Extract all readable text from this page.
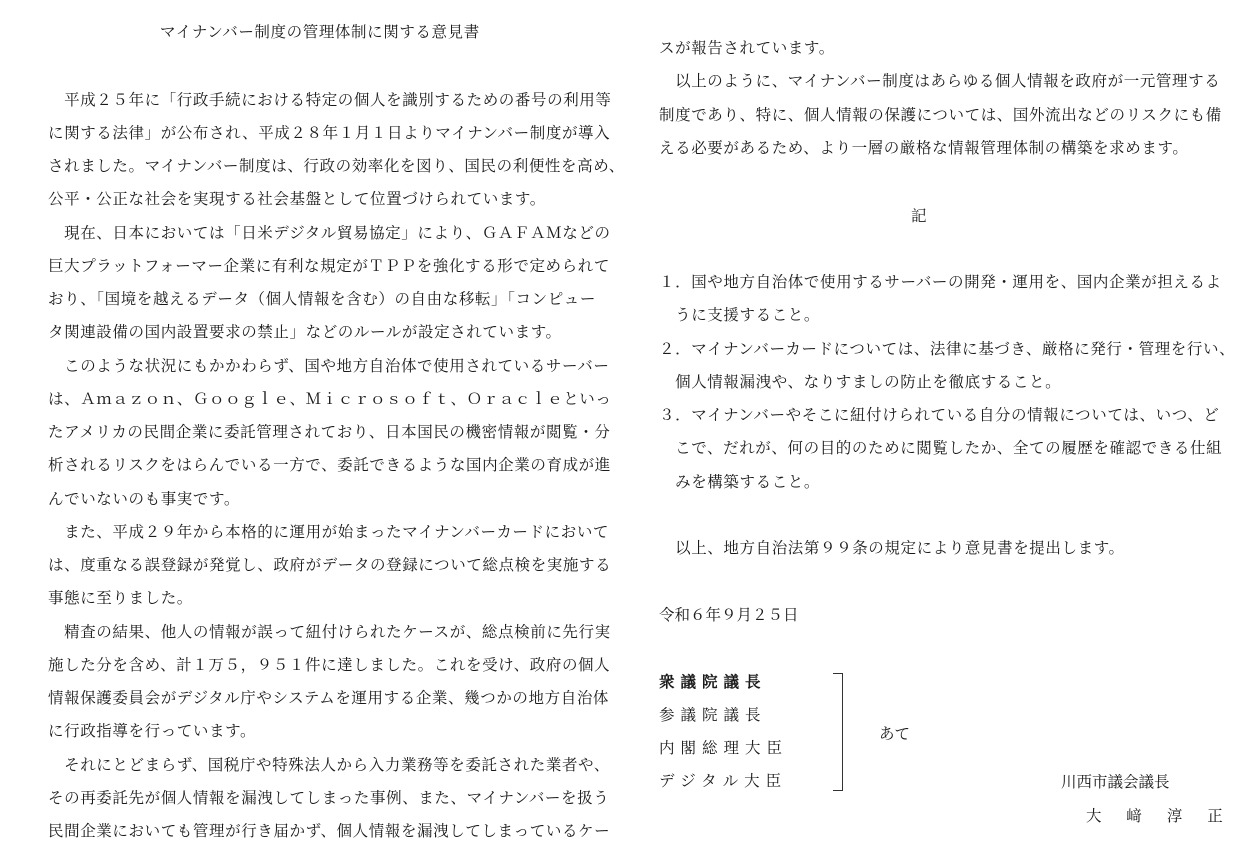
マイナンバー制度の管理体制に関する意見書
　平成２５年に「行政手続における特定の個人を識別するための番号の利用等
に関する法律」が公布され、平成２８年１月１日よりマイナンバー制度が導入
されました。マイナンバー制度は、行政の効率化を図り、国民の利便性を高め、
公平・公正な社会を実現する社会基盤として位置づけられています。
　現在、日本においては「日米デジタル貿易協定」により、ＧＡＦＡＭなどの
巨大プラットフォーマー企業に有利な規定がＴＰＰを強化する形で定められて
おり、「国境を越えるデータ（個人情報を含む）の自由な移転」「コンピュー
タ関連設備の国内設置要求の禁止」などのルールが設定されています。
　このような状況にもかかわらず、国や地方自治体で使用されているサーバー
は、Ａｍａｚｏｎ、Ｇｏｏｇｌｅ、Ｍｉｃｒｏｓｏｆｔ、Ｏｒａｃｌｅといっ
たアメリカの民間企業に委託管理されており、日本国民の機密情報が閲覧・分
析されるリスクをはらんでいる一方で、委託できるような国内企業の育成が進
んでいないのも事実です。
　また、平成２９年から本格的に運用が始まったマイナンバーカードにおいて
は、度重なる誤登録が発覚し、政府がデータの登録について総点検を実施する
事態に至りました。
　精査の結果、他人の情報が誤って紐付けられたケースが、総点検前に先行実
施した分を含め、計１万５，９５１件に達しました。これを受け、政府の個人
情報保護委員会がデジタル庁やシステムを運用する企業、幾つかの地方自治体
に行政指導を行っています。
　それにとどまらず、国税庁や特殊法人から入力業務等を委託された業者や、
その再委託先が個人情報を漏洩してしまった事例、また、マイナンバーを扱う
民間企業においても管理が行き届かず、個人情報を漏洩してしまっているケー
スが報告されています。
　以上のように、マイナンバー制度はあらゆる個人情報を政府が一元管理する
制度であり、特に、個人情報の保護については、国外流出などのリスクにも備
える必要があるため、より一層の厳格な情報管理体制の構築を求めます。
記
１．国や地方自治体で使用するサーバーの開発・運用を、国内企業が担えるよ
　うに支援すること。
２．マイナンバーカードについては、法律に基づき、厳格に発行・管理を行い、
　個人情報漏洩や、なりすましの防止を徹底すること。
３．マイナンバーやそこに紐付けられている自分の情報については、いつ、ど
　こで、だれが、何の目的のために閲覧したか、全ての履歴を確認できる仕組
　みを構築すること。
　以上、地方自治法第９９条の規定により意見書を提出します。
令和６年９月２５日
衆議院議長
参議院議長
内閣総理大臣
デジタル大臣
あて
川西市議会議長
大 﨑 淳 正
